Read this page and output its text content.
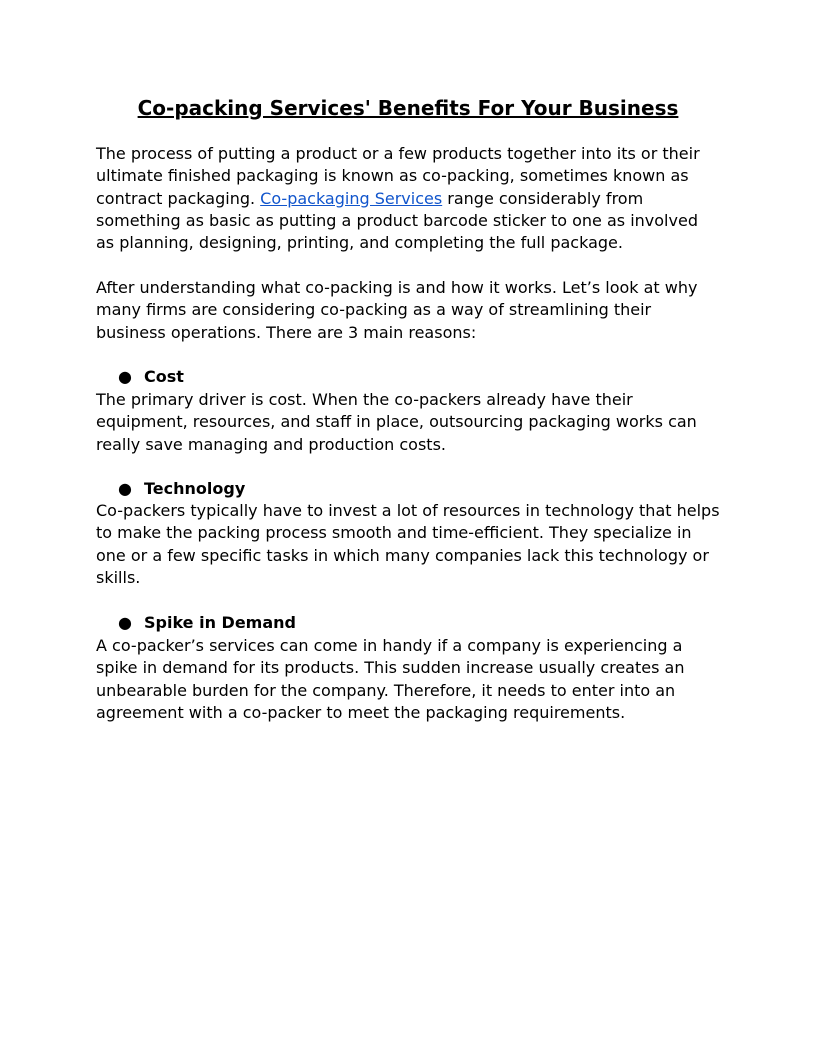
Co-packing Services' Benefits For Your Business

The process of putting a product or a few products together into its or their ultimate finished packaging is known as co-packing, sometimes known as contract packaging. Co-packaging Services range considerably from something as basic as putting a product barcode sticker to one as involved as planning, designing, printing, and completing the full package.

After understanding what co-packing is and how it works. Let’s look at why many firms are considering co-packing as a way of streamlining their business operations. There are 3 main reasons:

● Cost

The primary driver is cost. When the co-packers already have their equipment, resources, and staff in place, outsourcing packaging works can really save managing and production costs.

● Technology

Co-packers typically have to invest a lot of resources in technology that helps to make the packing process smooth and time-efficient. They specialize in one or a few specific tasks in which many companies lack this technology or skills.

● Spike in Demand

A co-packer’s services can come in handy if a company is experiencing a spike in demand for its products. This sudden increase usually creates an unbearable burden for the company. Therefore, it needs to enter into an agreement with a co-packer to meet the packaging requirements.
